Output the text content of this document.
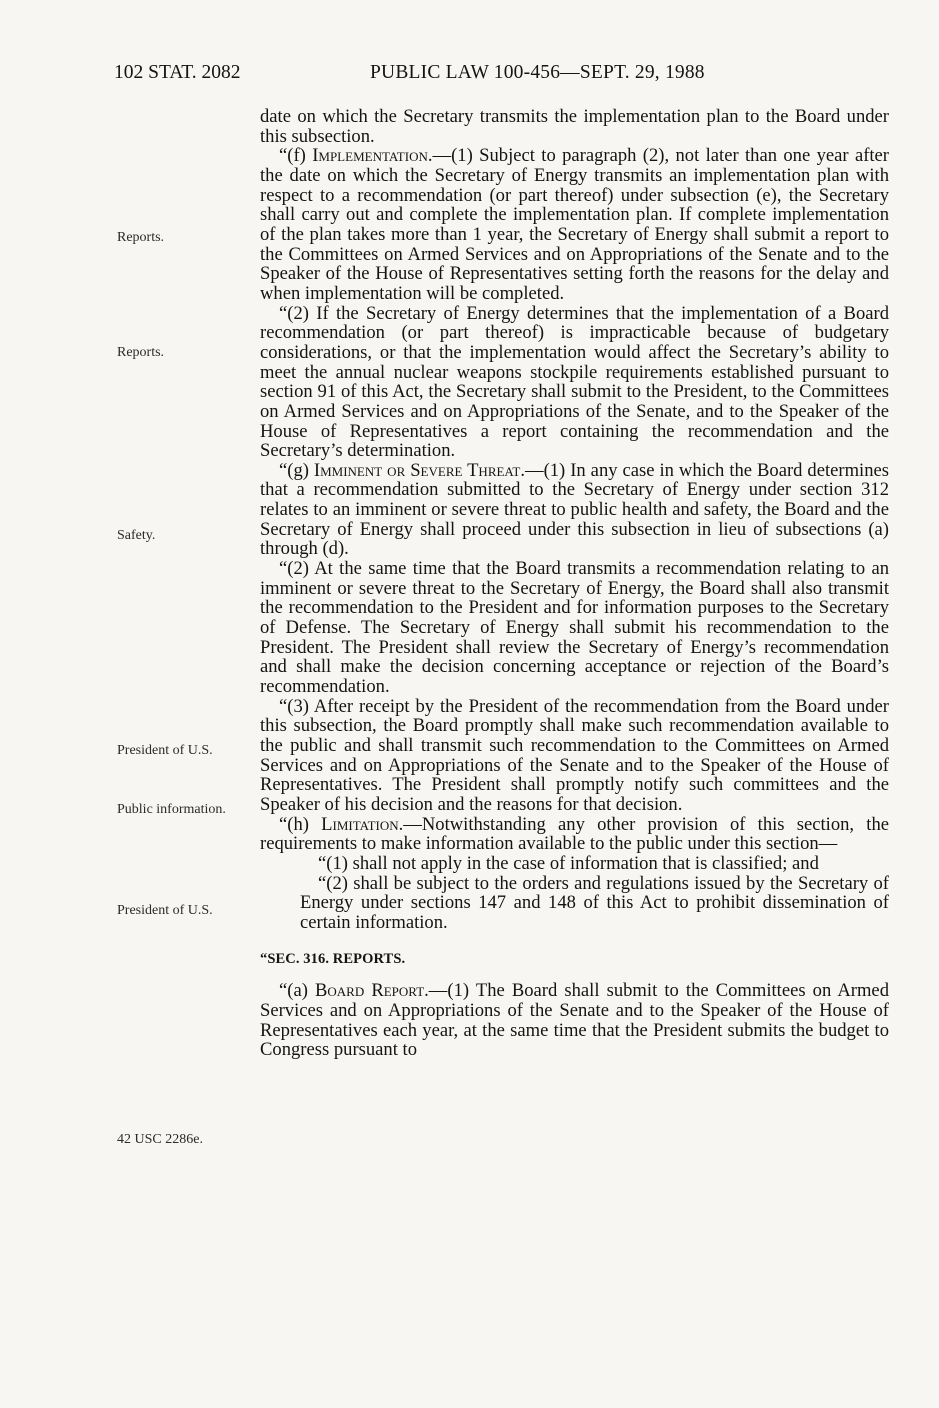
102 STAT. 2082	PUBLIC LAW 100-456—SEPT. 29, 1988
Reports.
Reports.
Safety.
President of U.S.
Public information.
President of U.S.
42 USC 2286e.

date on which the Secretary transmits the implementation plan to the Board under this subsection.

“(f) Implementation.—(1) Subject to paragraph (2), not later than one year after the date on which the Secretary of Energy transmits an implementation plan with respect to a recommendation (or part thereof) under subsection (e), the Secretary shall carry out and complete the implementation plan. If complete implementation of the plan takes more than 1 year, the Secretary of Energy shall submit a report to the Committees on Armed Services and on Appropriations of the Senate and to the Speaker of the House of Representatives setting forth the reasons for the delay and when implementation will be completed.

“(2) If the Secretary of Energy determines that the implementation of a Board recommendation (or part thereof) is impracticable because of budgetary considerations, or that the implementation would affect the Secretary’s ability to meet the annual nuclear weapons stockpile requirements established pursuant to section 91 of this Act, the Secretary shall submit to the President, to the Committees on Armed Services and on Appropriations of the Senate, and to the Speaker of the House of Representatives a report containing the recommendation and the Secretary’s determination.

“(g) Imminent or Severe Threat.—(1) In any case in which the Board determines that a recommendation submitted to the Secretary of Energy under section 312 relates to an imminent or severe threat to public health and safety, the Board and the Secretary of Energy shall proceed under this subsection in lieu of subsections (a) through (d).

“(2) At the same time that the Board transmits a recommendation relating to an imminent or severe threat to the Secretary of Energy, the Board shall also transmit the recommendation to the President and for information purposes to the Secretary of Defense. The Secretary of Energy shall submit his recommendation to the President. The President shall review the Secretary of Energy’s recommendation and shall make the decision concerning acceptance or rejection of the Board’s recommendation.

“(3) After receipt by the President of the recommendation from the Board under this subsection, the Board promptly shall make such recommendation available to the public and shall transmit such recommendation to the Committees on Armed Services and on Appropriations of the Senate and to the Speaker of the House of Representatives. The President shall promptly notify such committees and the Speaker of his decision and the reasons for that decision.

“(h) Limitation.—Notwithstanding any other provision of this section, the requirements to make information available to the public under this section—

“(1) shall not apply in the case of information that is classified; and

“(2) shall be subject to the orders and regulations issued by the Secretary of Energy under sections 147 and 148 of this Act to prohibit dissemination of certain information.

“SEC. 316. REPORTS.

“(a) Board Report.—(1) The Board shall submit to the Committees on Armed Services and on Appropriations of the Senate and to the Speaker of the House of Representatives each year, at the same time that the President submits the budget to Congress pursuant to
